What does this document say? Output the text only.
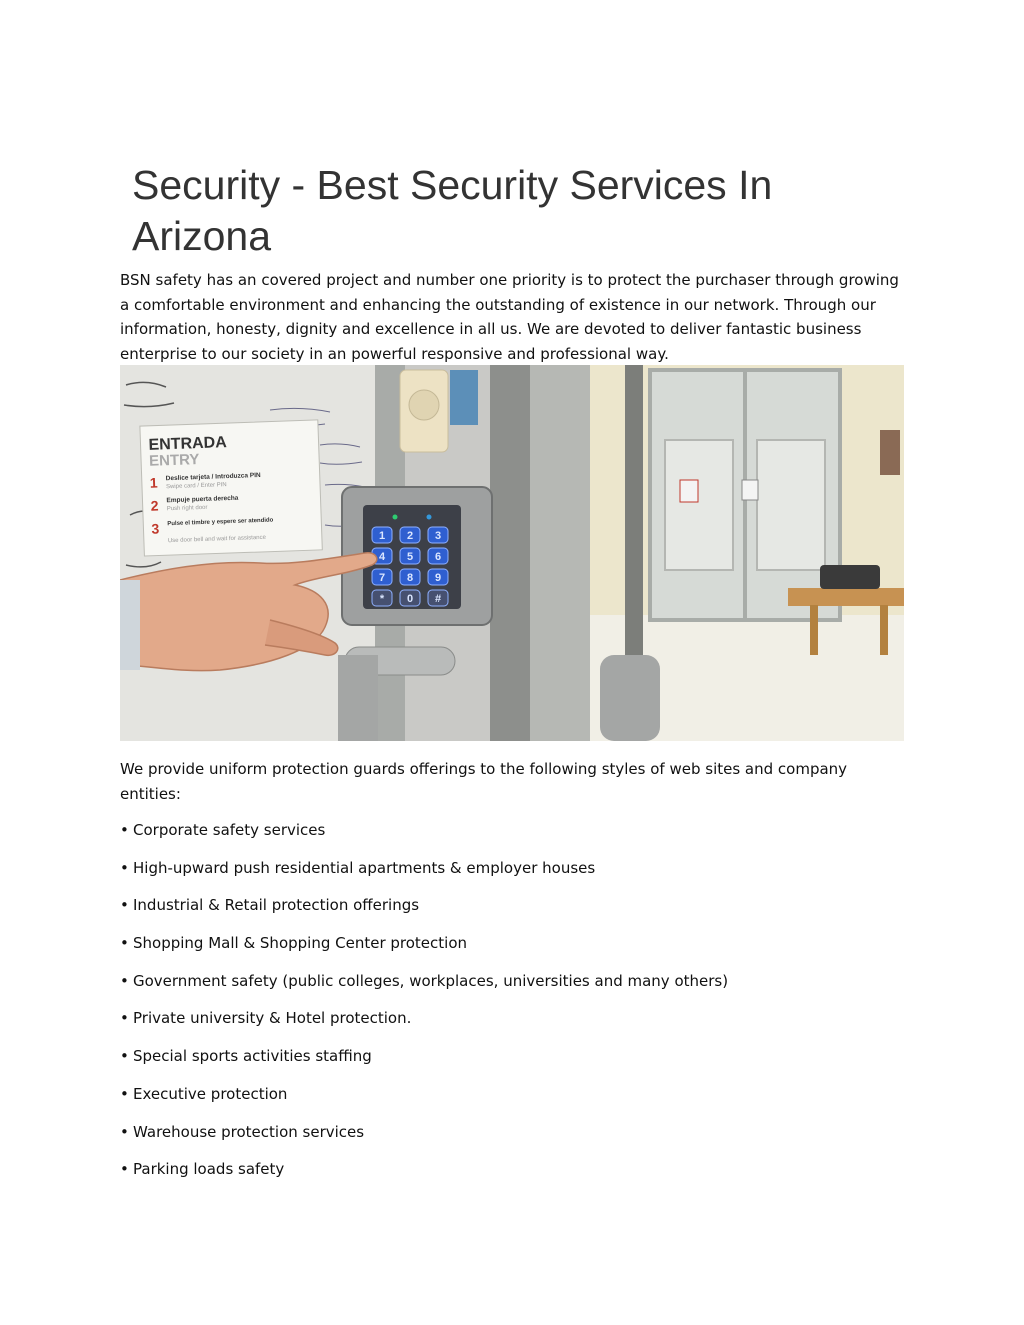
Security - Best Security Services In Arizona

BSN safety has an covered project and number one priority is to protect the purchaser through growing a comfortable environment and enhancing the outstanding of existence in our network. Through our information, honesty, dignity and excellence in all us. We are devoted to deliver fantastic business enterprise to our society in an powerful responsive and professional way.

ENTRADA
ENTRY
1 Deslice tarjeta / Introduzca PIN
Swipe card / Enter PIN
2 Empuje puerta derecha
Push right door
3 Pulse el timbre y espere ser atendido
Use door bell and wait for assistance	1 2 3
4 5 6
7 8 9
* 0 #

We provide uniform protection guards offerings to the following styles of web sites and company entities:

• Corporate safety services
• High-upward push residential apartments & employer houses
• Industrial & Retail protection offerings
• Shopping Mall & Shopping Center protection
• Government safety (public colleges, workplaces, universities and many others)
• Private university & Hotel protection.
• Special sports activities staffing
• Executive protection
• Warehouse protection services
• Parking loads safety
